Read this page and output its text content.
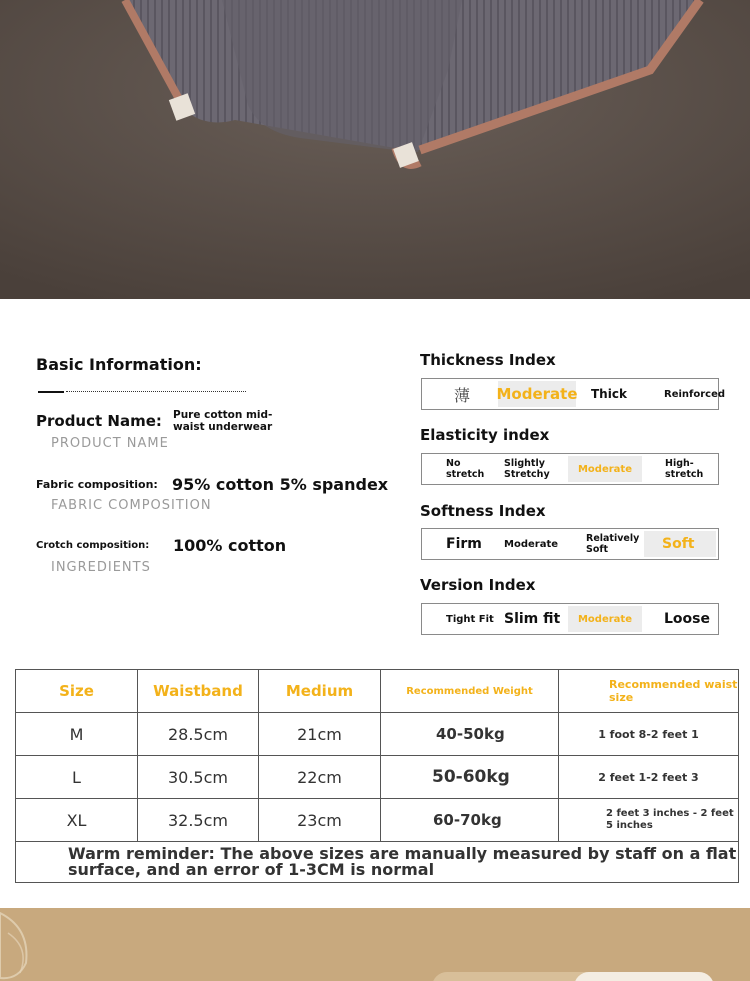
Basic Information:
Product Name: Pure cotton mid-waist underwear
PRODUCT NAME
Fabric composition: 95% cotton 5% spandex
FABRIC COMPOSITION
Crotch composition: 100% cotton
INGREDIENTS
Thickness Index
薄 Moderate Thick	Reinforced
Elasticity index
No stretch
Slightly Stretchy	Moderate	High-stretch
Softness Index
Firm Moderate	Relatively Soft	Soft
Version Index
Tight Fit Slim fit	Moderate	Loose
Size	Waistband	Medium	Recommended Weight	Recommended waist size
M	28.5cm	21cm	40-50kg	1 foot 8-2 feet 1
L	30.5cm	22cm	50-60kg	2 feet 1-2 feet 3
XL	32.5cm	23cm	60-70kg	2 feet 3 inches - 2 feet 5 inches
Warm reminder: The above sizes are manually measured by staff on a flat surface, and an error of 1-3CM is normal				
